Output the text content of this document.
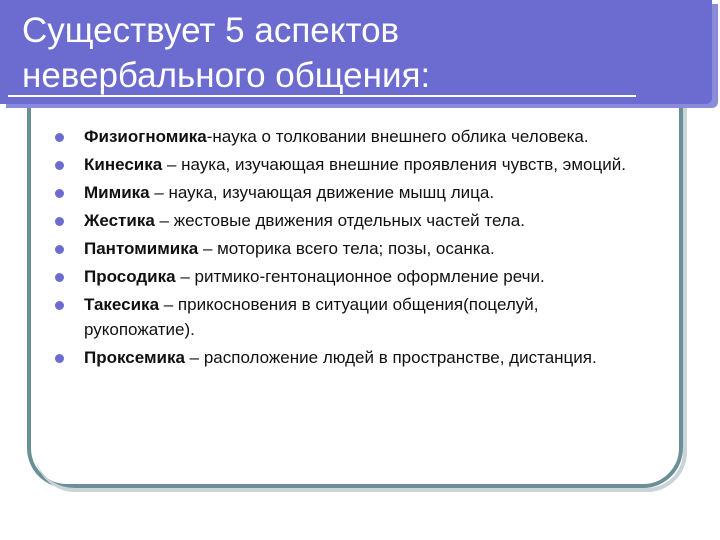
Существует 5 аспектов
невербального общения:
Физиогномика-наука о толковании внешнего облика человека.
Кинесика – наука, изучающая внешние проявления чувств, эмоций.
Мимика – наука, изучающая движение мышц лица.
Жестика – жестовые движения отдельных частей тела.
Пантомимика – моторика всего тела; позы, осанка.
Просодика – ритмико-гентонационное оформление речи.
Такесика – прикосновения в ситуации общения(поцелуй, рукопожатие).
Проксемика – расположение людей в пространстве, дистанция.
